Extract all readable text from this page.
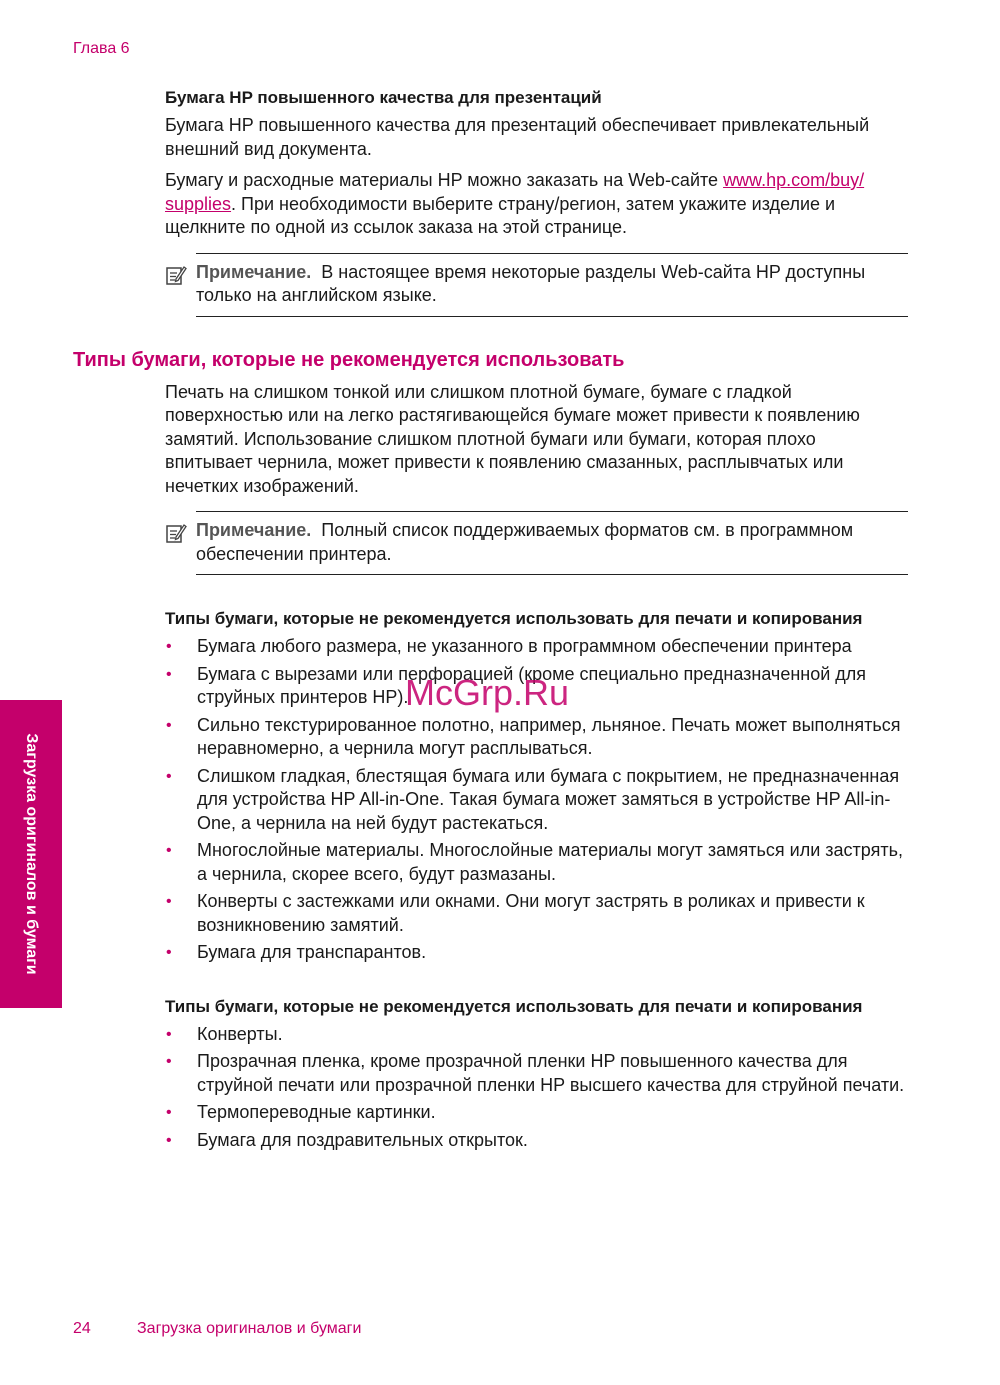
Глава 6
Загрузка оригиналов и бумаги
Бумага HP повышенного качества для презентаций

Бумага HP повышенного качества для презентаций обеспечивает привлекательный внешний вид документа.

Бумагу и расходные материалы HP можно заказать на Web-сайте www.hp.com/buy/
supplies. При необходимости выберите страну/регион, затем укажите изделие и щелкните по одной из ссылок заказа на этой странице.

Примечание. В настоящее время некоторые разделы Web-сайта HP доступны только на английском языке.
Типы бумаги, которые не рекомендуется использовать

Печать на слишком тонкой или слишком плотной бумаге, бумаге с гладкой поверхностью или на легко растягивающейся бумаге может привести к появлению замятий. Использование слишком плотной бумаги или бумаги, которая плохо впитывает чернила, может привести к появлению смазанных, расплывчатых или нечетких изображений.

Примечание. Полный список поддерживаемых форматов см. в программном обеспечении принтера.
Типы бумаги, которые не рекомендуется использовать для печати и копирования
• Бумага любого размера, не указанного в программном обеспечении принтера
• Бумага с вырезами или перфорацией (кроме специально предназначенной для струйных принтеров HP).
• Сильно текстурированное полотно, например, льняное. Печать может выполняться неравномерно, а чернила могут расплываться.
• Слишком гладкая, блестящая бумага или бумага с покрытием, не предназначенная для устройства HP All-in-One. Такая бумага может замяться в устройстве HP All-in-One, а чернила на ней будут растекаться.
• Многослойные материалы. Многослойные материалы могут замяться или застрять, а чернила, скорее всего, будут размазаны.
• Конверты с застежками или окнами. Они могут застрять в роликах и привести к возникновению замятий.
• Бумага для транспарантов.
Типы бумаги, которые не рекомендуется использовать для печати и копирования
• Конверты.
• Прозрачная пленка, кроме прозрачной пленки HP повышенного качества для струйной печати или прозрачной пленки HP высшего качества для струйной печати.
• Термопереводные картинки.
• Бумага для поздравительных открыток.
McGrp.Ru
24	Загрузка оригиналов и бумаги
